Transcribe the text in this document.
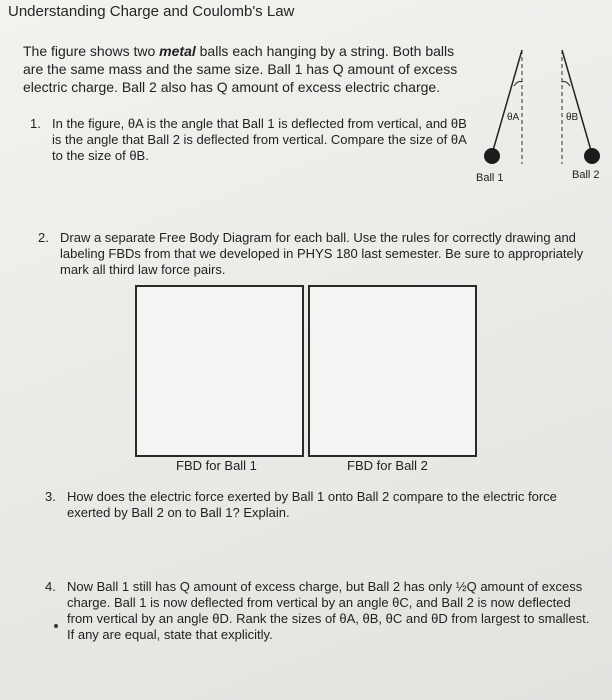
Understanding Charge and Coulomb's Law
The figure shows two metal balls each hanging by a string. Both balls are the same mass and the same size. Ball 1 has Q amount of excess electric charge. Ball 2 also has Q amount of excess electric charge.
1. In the figure, θA is the angle that Ball 1 is deflected from vertical, and θB is the angle that Ball 2 is deflected from vertical. Compare the size of θA to the size of θB.
θA	θB
Ball 1	Ball 2
2. Draw a separate Free Body Diagram for each ball. Use the rules for correctly drawing and labeling FBDs from that we developed in PHYS 180 last semester. Be sure to appropriately mark all third law force pairs.
FBD for Ball 1	FBD for Ball 2
3. How does the electric force exerted by Ball 1 onto Ball 2 compare to the electric force exerted by Ball 2 on to Ball 1? Explain.
4. Now Ball 1 still has Q amount of excess charge, but Ball 2 has only ½Q amount of excess charge. Ball 1 is now deflected from vertical by an angle θC, and Ball 2 is now deflected from vertical by an angle θD. Rank the sizes of θA, θB, θC and θD from largest to smallest. If any are equal, state that explicitly.
